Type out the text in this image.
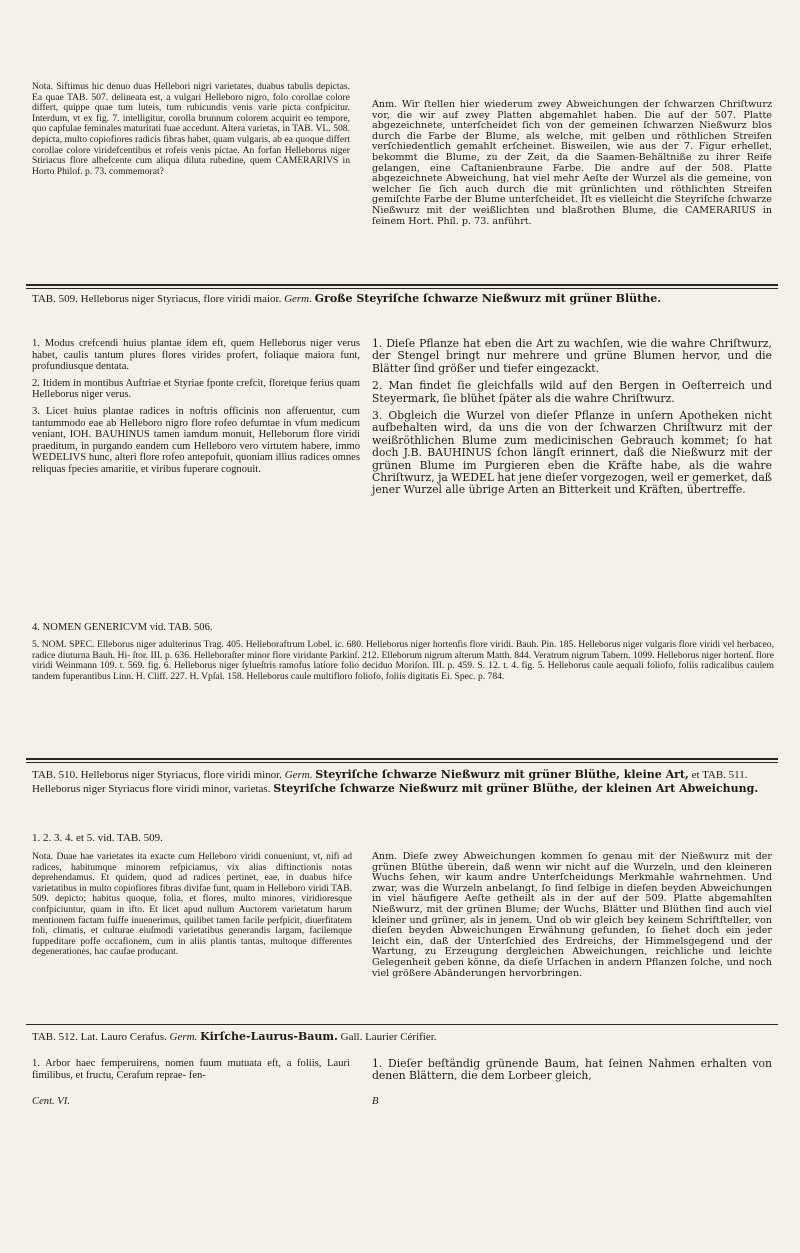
Nota. Siftimus hic denuo duas Hellebori nigri varietates, duabus tabulis depictas. Ea quae TAB. 507. delineata est, a vulgari Helleboro nigro, folo corollae colore differt, quippe quae tum luteis, tum rubicundis venis varie picta confpicitur. Interdum, vt ex fig. 7. intelligitur, corolla brunnum colorem acquirit eo tempore, quo capfulae feminales maturitati fuae accedunt. Altera varietas, in TAB. VL. 508. depicta, multo copiofiores radicis fibras habet, quam vulgaris, ab ea quoque differt corollae colore viridefcentibus et rofeis venis pictae. An forfan Helleborus niger Stiriacus flore albefcente cum aliqua diluta rubedine, quem CAMERARIVS in Horto Philof. p. 73. commemorat?
Anm. Wir ſtellen hier wiederum zwey Abweichungen der ſchwarzen Chriſtwurz vor, die wir auf zwey Platten abgemahlet haben. Die auf der 507. Platte abgezeichnete, unterſcheidet ſich von der gemeinen ſchwarzen Nießwurz blos durch die Farbe der Blume, als welche, mit gelben und röthlichen Streifen verſchiedentlich gemahlt erſcheinet. Bisweilen, wie aus der 7. Figur erhellet, bekommt die Blume, zu der Zeit, da die Saamen-Behältniße zu ihrer Reife gelangen, eine Caſtanienbraune Farbe. Die andre auf der 508. Platte abgezeichnete Abweichung, hat viel mehr Aeſte der Wurzel als die gemeine, von welcher ſie ſich auch durch die mit grünlichten und röthlichten Streifen gemiſchte Farbe der Blume unterſcheidet. Iſt es vielleicht die Steyriſche ſchwarze Nießwurz mit der weißlichten und blaßrothen Blume, die CAMERARIUS in ſeinem Hort. Phil. p. 73. anführt.
TAB. 509. Helleborus niger Styriacus, flore viridi maior. Germ. Große Steyriſche ſchwarze Nießwurz mit grüner Blüthe.

1. Modus crefcendi huius plantae idem eft, quem Helleborus niger verus habet, caulis tantum plures flores virides profert, foliaque maiora funt, profundiusque dentata.

2. Itidem in montibus Auftriae et Styriae fponte crefcit, floretque ferius quam Helleborus niger verus.

3. Licet huius plantae radices in noftris officinis non afferuentur, cum tantummodo eae ab Helleboro nigro flore rofeo defumtae in vfum medicum veniant, IOH. BAUHINUS tamen iamdum monuit, Helleborum flore viridi praeditum, in purgando eandem cum Helleboro vero virtutem habere, immo WEDELIVS hunc, alteri flore rofeo antepofuit, quoniam illius radices omnes reliquas fpecies amaritie, et viribus fuperare cognouit.

1. Dieſe Pflanze hat eben die Art zu wachſen, wie die wahre Chriſtwurz, der Stengel bringt nur mehrere und grüne Blumen hervor, und die Blätter ſind größer und tiefer eingezackt.

2. Man findet ſie gleichfalls wild auf den Bergen in Oeſterreich und Steyermark, ſie blühet ſpäter als die wahre Chriſtwurz.

3. Obgleich die Wurzel von dieſer Pflanze in unſern Apotheken nicht aufbehalten wird, da uns die von der ſchwarzen Chriſtwurz mit der weißröthlichen Blume zum medicinischen Gebrauch kommet; ſo hat doch J.B. BAUHINUS ſchon längſt erinnert, daß die Nießwurz mit der grünen Blume im Purgieren eben die Kräfte habe, als die wahre Chriſtwurz, ja WEDEL hat jene dieſer vorgezogen, weil er gemerket, daß jener Wurzel alle übrige Arten an Bitterkeit und Kräften, übertreffe.

4. NOMEN GENERICVM vid. TAB. 506.
5. NOM. SPEC. Elleborus niger adulterinus Trag. 405. Helleboraftrum Lobel. ic. 680. Helleborus niger hortenfis flore viridi. Bauh. Pin. 185. Helleborus niger vulgaris flore viridi vel herbaceo, radice diuturna Bauh. Hi- ſtor. III. p. 636. Helleboraſter minor flore viridante Parkinſ. 212. Elleborum nigrum alterum Matth. 844. Veratrum nigrum Tabern. 1099. Helleborus niger hortenſ. flore viridi Weinmann 109. t. 569. fig. 6. Helleborus niger ſylueſtris ramofus latiore folio deciduo Moriſon. III. p. 459. S. 12. t. 4. fig. 5. Helleborus caule aequali foliofo, foliis radicalibus caulem tandem fuperantibus Linn. H. Cliff. 227. H. Vpſal. 158. Helleborus caule multifloro foliofo, foliis digitatis Ei. Spec. p. 784.
TAB. 510. Helleborus niger Styriacus, flore viridi minor. Germ. Steyriſche ſchwarze Nießwurz mit grüner Blüthe, kleine Art, et TAB. 511. Helleborus niger Styriacus flore viridi minor, varietas. Steyriſche ſchwarze Nießwurz mit grüner Blüthe, der kleinen Art Abweichung.
1. 2. 3. 4. et 5. vid. TAB. 509.
Nota. Duae hae varietates ita exacte cum Helleboro viridi conueniunt, vt, nifi ad radices, habitumque minorem refpiciamus, vix alias diftinctionis notas deprehendamus. Et quidem, quod ad radices pertinet, eae, in duabus hifce varietatibus in multo copiofiores fibras divifae funt, quam in Helleboro viridi TAB. 509. depicto; habitus quoque, folia, et flores, multo minores, viridioresque confpiciuntur, quam in ifto. Et licet apud nullum Auctorem varietatum harum mentionem factam fuiffe inuenerimus, quilibet tamen facile perfpicit, diuerfitatem foli, climatis, et culturae eiuſmodi varietatibus generandis largam, facilemque fuppeditare poffe occafionem, cum in aliis plantis tantas, multoque differentes degenerationes, hac caufae producant.
Anm. Dieſe zwey Abweichungen kommen ſo genau mit der Nießwurz mit der grünen Blüthe überein, daß wenn wir nicht auf die Wurzeln, und den kleineren Wuchs ſehen, wir kaum andre Unterſcheidungs Merkmahle wahrnehmen. Und zwar, was die Wurzeln anbelangt, ſo ſind ſelbige in dieſen beyden Abweichungen in viel häufigere Aeſte getheilt als in der auf der 509. Platte abgemahlten Nießwurz, mit der grünen Blume; der Wuchs, Blätter und Blüthen ſind auch viel kleiner und grüner, als in jenem. Und ob wir gleich bey keinem Schriftſteller, von dieſen beyden Abweichungen Erwähnung gefunden, ſo ſiehet doch ein jeder leicht ein, daß der Unterſchied des Erdreichs, der Himmelsgegend und der Wartung, zu Erzeugung dergleichen Abweichungen, reichliche und leichte Gelegenheit geben könne, da dieſe Urſachen in andern Pflanzen ſolche, und noch viel größere Abänderungen hervorbringen.
TAB. 512. Lat. Lauro Cerafus. Germ. Kirſche-Laurus-Baum. Gall. Laurier Cérifier.
1. Arbor haec femperuirens, nomen fuum mutuata eft, a foliis, Lauri fimilibus, et fructu, Cerafum reprae- fen-
1. Dieſer beſtändig grünende Baum, hat ſeinen Nahmen erhalten von denen Blättern, die dem Lorbeer gleich,
Cent. VI.	B
